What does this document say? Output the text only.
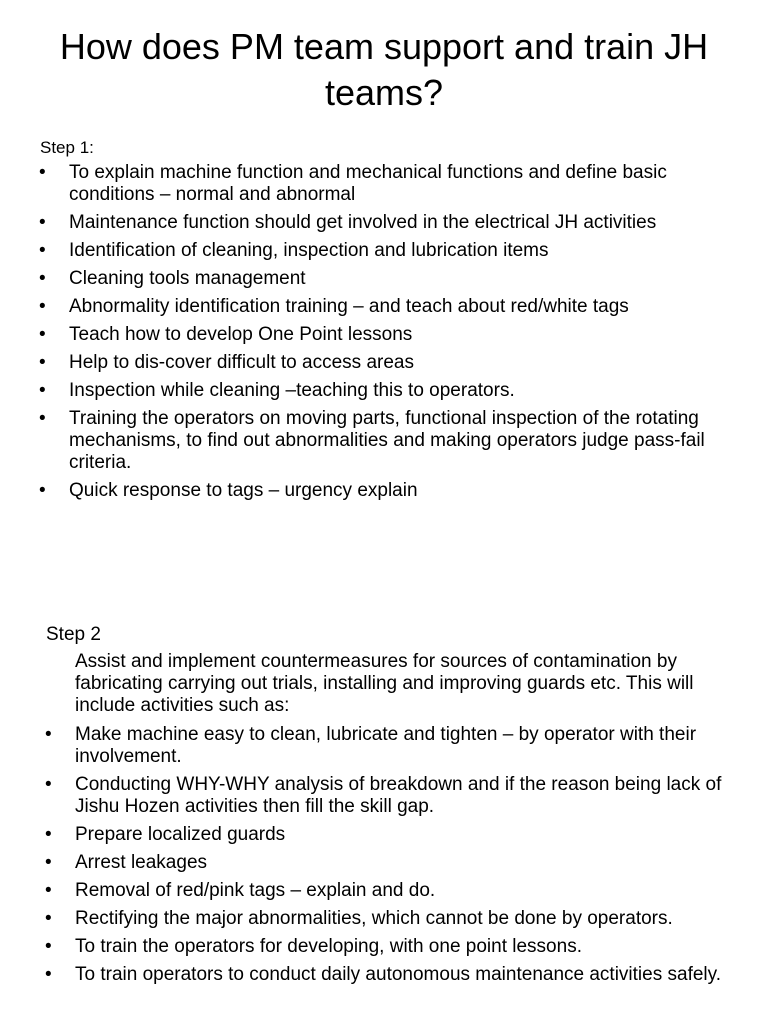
How does PM team support and train JH teams?

Step 1:

• To explain machine function and mechanical functions and define basic conditions – normal and abnormal
• Maintenance function should get involved in the electrical JH activities
• Identification of cleaning, inspection and lubrication items
• Cleaning tools management
• Abnormality identification training – and teach about red/white tags
• Teach how to develop One Point lessons
• Help to dis-cover difficult to access areas
• Inspection while cleaning –teaching this to operators.
• Training the operators on moving parts, functional inspection of the rotating mechanisms, to find out abnormalities and making operators judge pass-fail criteria.
• Quick response to tags – urgency explain

Step 2

Assist and implement countermeasures for sources of contamination by fabricating carrying out trials, installing and improving guards etc. This will include activities such as:

• Make machine easy to clean, lubricate and tighten – by operator with their involvement.
• Conducting WHY-WHY analysis of breakdown and if the reason being lack of Jishu Hozen activities then fill the skill gap.
• Prepare localized guards
• Arrest leakages
• Removal of red/pink tags – explain and do.
• Rectifying the major abnormalities, which cannot be done by operators.
• To train the operators for developing, with one point lessons.
• To train operators to conduct daily autonomous maintenance activities safely.
